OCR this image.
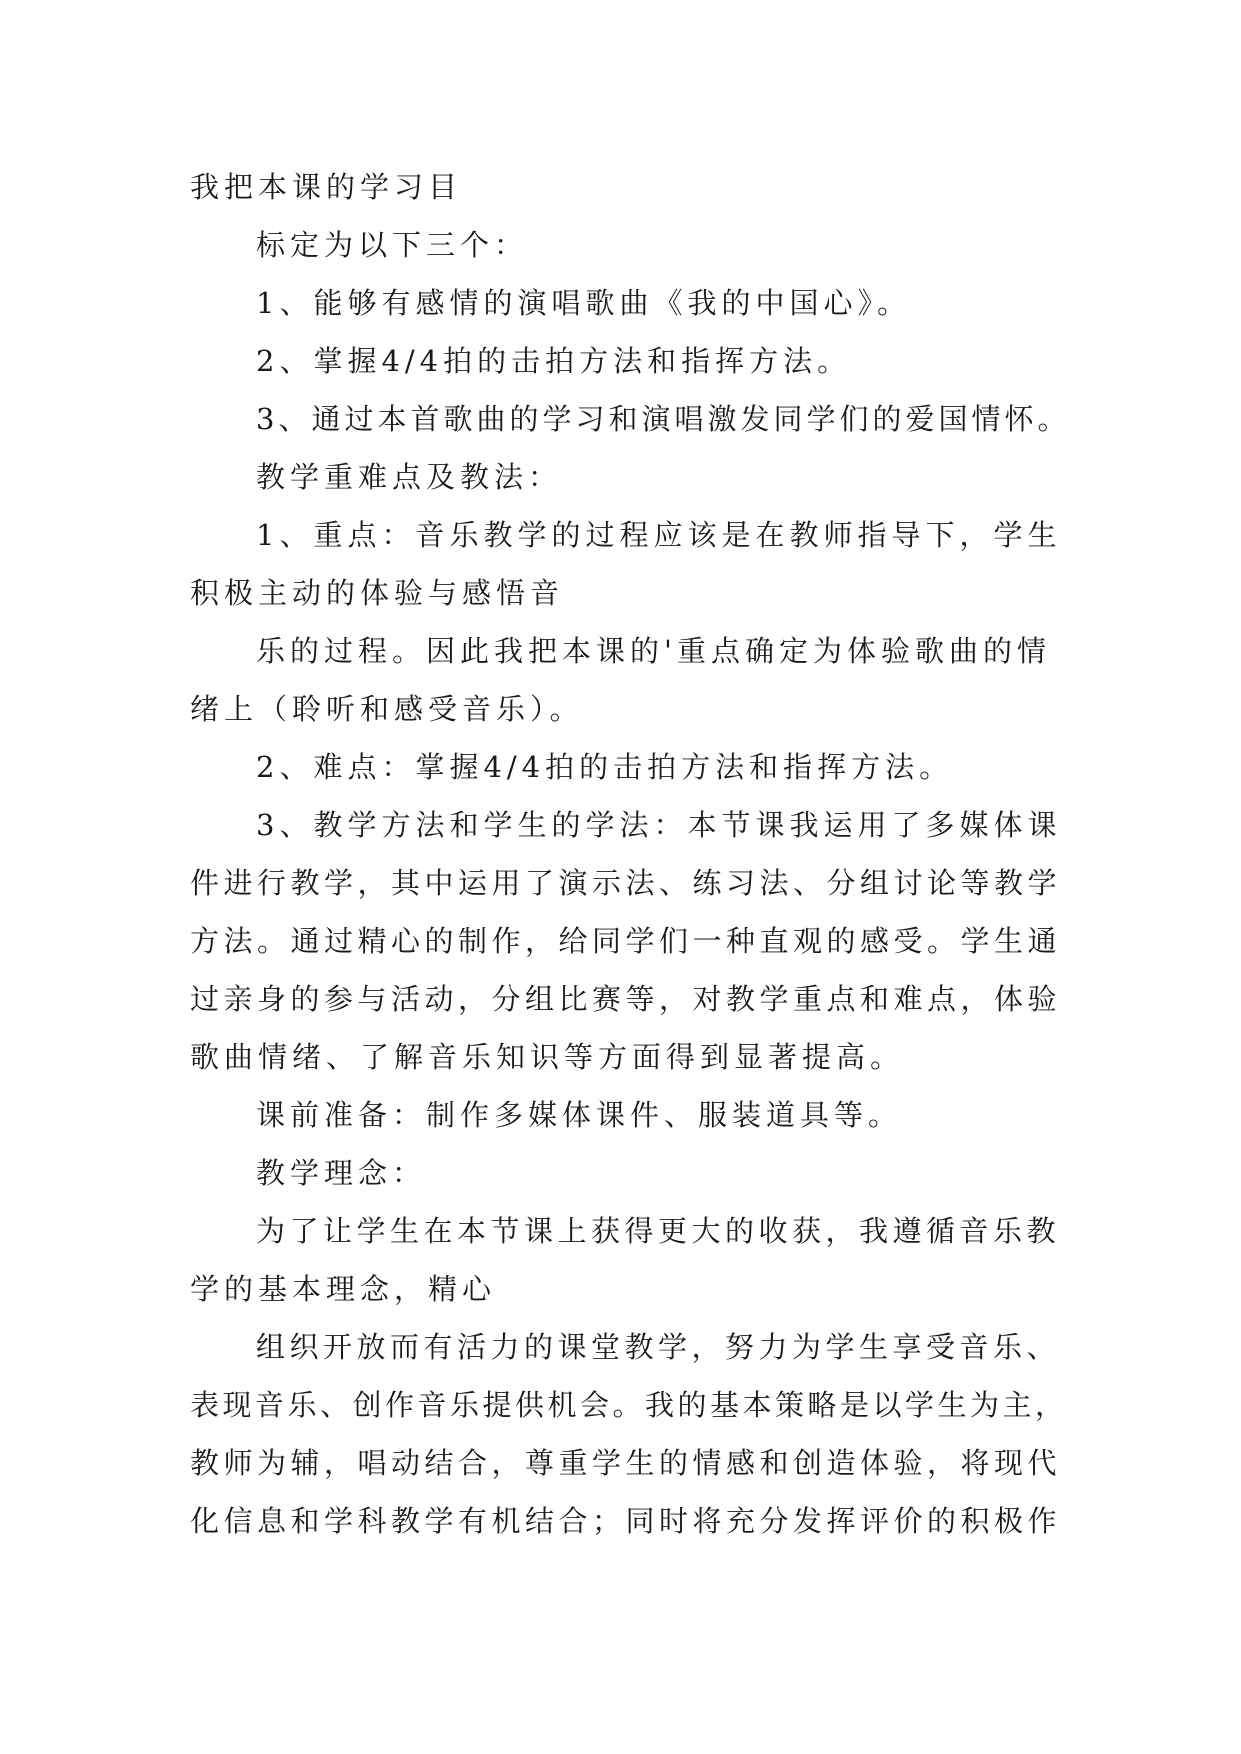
我把本课的学习目
标定为以下三个：
1、能够有感情的演唱歌曲《我的中国心》。
2、掌握4/4拍的击拍方法和指挥方法。
3、通过本首歌曲的学习和演唱激发同学们的爱国情怀。
教学重难点及教法：
1、重点：音乐教学的过程应该是在教师指导下，学生
积极主动的体验与感悟音
乐的过程。因此我把本课的'重点确定为体验歌曲的情
绪上（聆听和感受音乐）。
2、难点：掌握4/4拍的击拍方法和指挥方法。
3、教学方法和学生的学法：本节课我运用了多媒体课
件进行教学，其中运用了演示法、练习法、分组讨论等教学
方法。通过精心的制作，给同学们一种直观的感受。学生通
过亲身的参与活动，分组比赛等，对教学重点和难点，体验
歌曲情绪、了解音乐知识等方面得到显著提高。
课前准备：制作多媒体课件、服装道具等。
教学理念：
为了让学生在本节课上获得更大的收获，我遵循音乐教
学的基本理念，精心
组织开放而有活力的课堂教学，努力为学生享受音乐、
表现音乐、创作音乐提供机会。我的基本策略是以学生为主，
教师为辅，唱动结合，尊重学生的情感和创造体验，将现代
化信息和学科教学有机结合；同时将充分发挥评价的积极作
